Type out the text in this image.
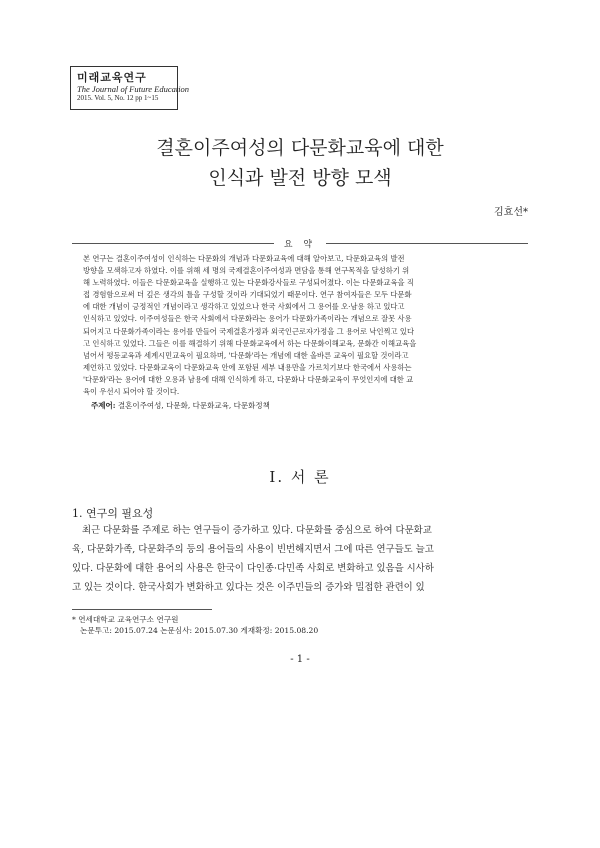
미래교육연구
The Journal of Future Education
2015. Vol. 5, No. 12 pp 1~15
결혼이주여성의 다문화교육에 대한
인식과 발전 방향 모색
김효선*
요 약
본 연구는 결혼이주여성이 인식하는 다문화의 개념과 다문화교육에 대해 알아보고, 다문화교육의 발전
방향을 모색하고자 하였다. 이를 위해 세 명의 국제결혼이주여성과 면담을 통해 연구목적을 달성하기 위
해 노력하였다. 이들은 다문화교육을 실행하고 있는 다문화강사들로 구성되어졌다. 이는 다문화교육을 직
접 경험함으로써 더 깊은 생각의 틀을 구성할 것이라 기대되었기 때문이다. 연구 참여자들은 모두 다문화
에 대한 개념이 긍정적인 개념이라고 생각하고 있었으나 한국 사회에서 그 용어를 오·남용 하고 있다고
인식하고 있었다. 이주여성들은 한국 사회에서 다문화라는 용어가 다문화가족이라는 개념으로 잘못 사용
되어지고 다문화가족이라는 용어를 만들어 국제결혼가정과 외국인근로자가정을 그 용어로 낙인찍고 있다
고 인식하고 있었다. 그들은 이를 해결하기 위해 다문화교육에서 하는 다문화이해교육, 문화간 이해교육을
넘어서 평등교육과 세계시민교육이 필요하며, '다문화'라는 개념에 대한 올바른 교육이 필요할 것이라고
제언하고 있었다. 다문화교육이 다문화교육 안에 포함된 세부 내용만을 가르치기보다 한국에서 사용하는
'다문화'라는 용어에 대한 오용과 남용에 대해 인식하게 하고, 다문화나 다문화교육이 무엇인지에 대한 교
육이 우선시 되어야 할 것이다.
주제어: 결혼이주여성, 다문화, 다문화교육, 다문화정책
Ⅰ. 서 론
1. 연구의 필요성
최근 다문화를 주제로 하는 연구들이 증가하고 있다. 다문화를 중심으로 하여 다문화교
육, 다문화가족, 다문화주의 등의 용어들의 사용이 빈번해지면서 그에 따른 연구들도 늘고
있다. 다문화에 대한 용어의 사용은 한국이 다인종·다민족 사회로 변화하고 있음을 시사하
고 있는 것이다. 한국사회가 변화하고 있다는 것은 이주민들의 증가와 밀접한 관련이 있
* 연세대학교 교육연구소 연구원
논문투고: 2015.07.24 논문심사: 2015.07.30 게재확정: 2015.08.20
- 1 -
